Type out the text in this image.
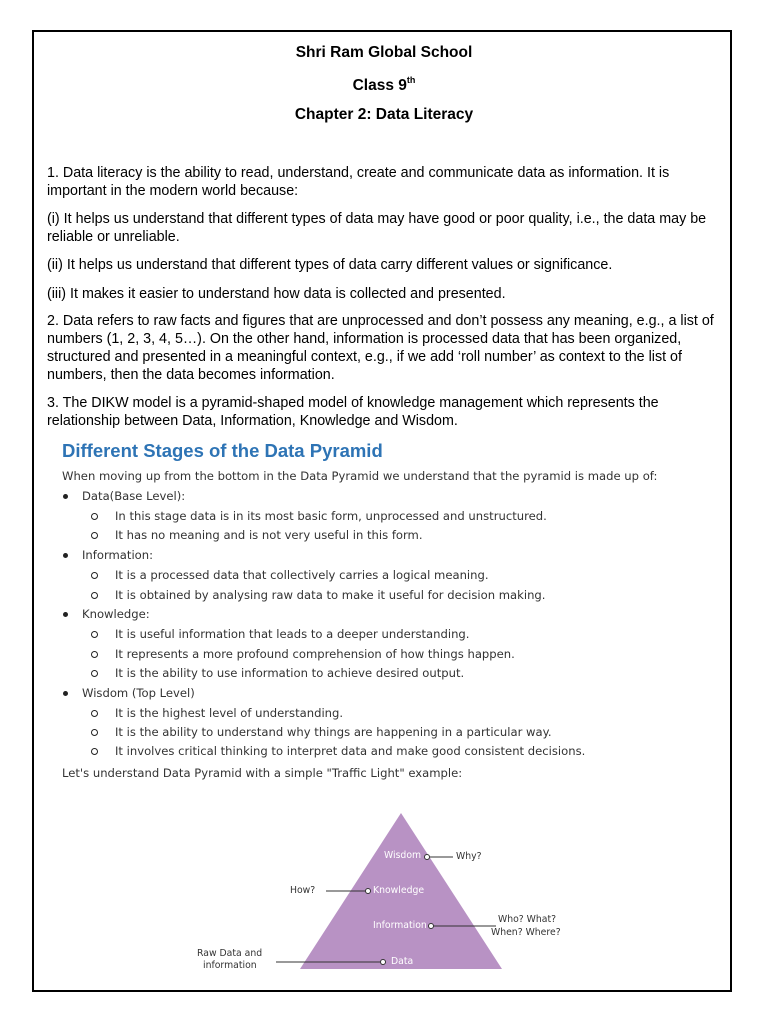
Shri Ram Global School
Class 9th
Chapter 2: Data Literacy

1. Data literacy is the ability to read, understand, create and communicate data as information. It is important in the modern world because:

(i) It helps us understand that different types of data may have good or poor quality, i.e., the data may be reliable or unreliable.

(ii) It helps us understand that different types of data carry different values or significance.

(iii) It makes it easier to understand how data is collected and presented.

2. Data refers to raw facts and figures that are unprocessed and don’t possess any meaning, e.g., a list of numbers (1, 2, 3, 4, 5…). On the other hand, information is processed data that has been organized, structured and presented in a meaningful context, e.g., if we add ‘roll number’ as context to the list of numbers, then the data becomes information.

3. The DIKW model is a pyramid-shaped model of knowledge management which represents the relationship between Data, Information, Knowledge and Wisdom.

Different Stages of the Data Pyramid
When moving up from the bottom in the Data Pyramid we understand that the pyramid is made up of:
Data(Base Level):
In this stage data is in its most basic form, unprocessed and unstructured.
It has no meaning and is not very useful in this form.
Information:
It is a processed data that collectively carries a logical meaning.
It is obtained by analysing raw data to make it useful for decision making.
Knowledge:
It is useful information that leads to a deeper understanding.
It represents a more profound comprehension of how things happen.
It is the ability to use information to achieve desired output.
Wisdom (Top Level)
It is the highest level of understanding.
It is the ability to understand why things are happening in a particular way.
It involves critical thinking to interpret data and make good consistent decisions.
Let's understand Data Pyramid with a simple "Traffic Light" example:
Wisdom
Knowledge
Information
Data
Why?
How?
Who? What?
When? Where?
Raw Data and
information
